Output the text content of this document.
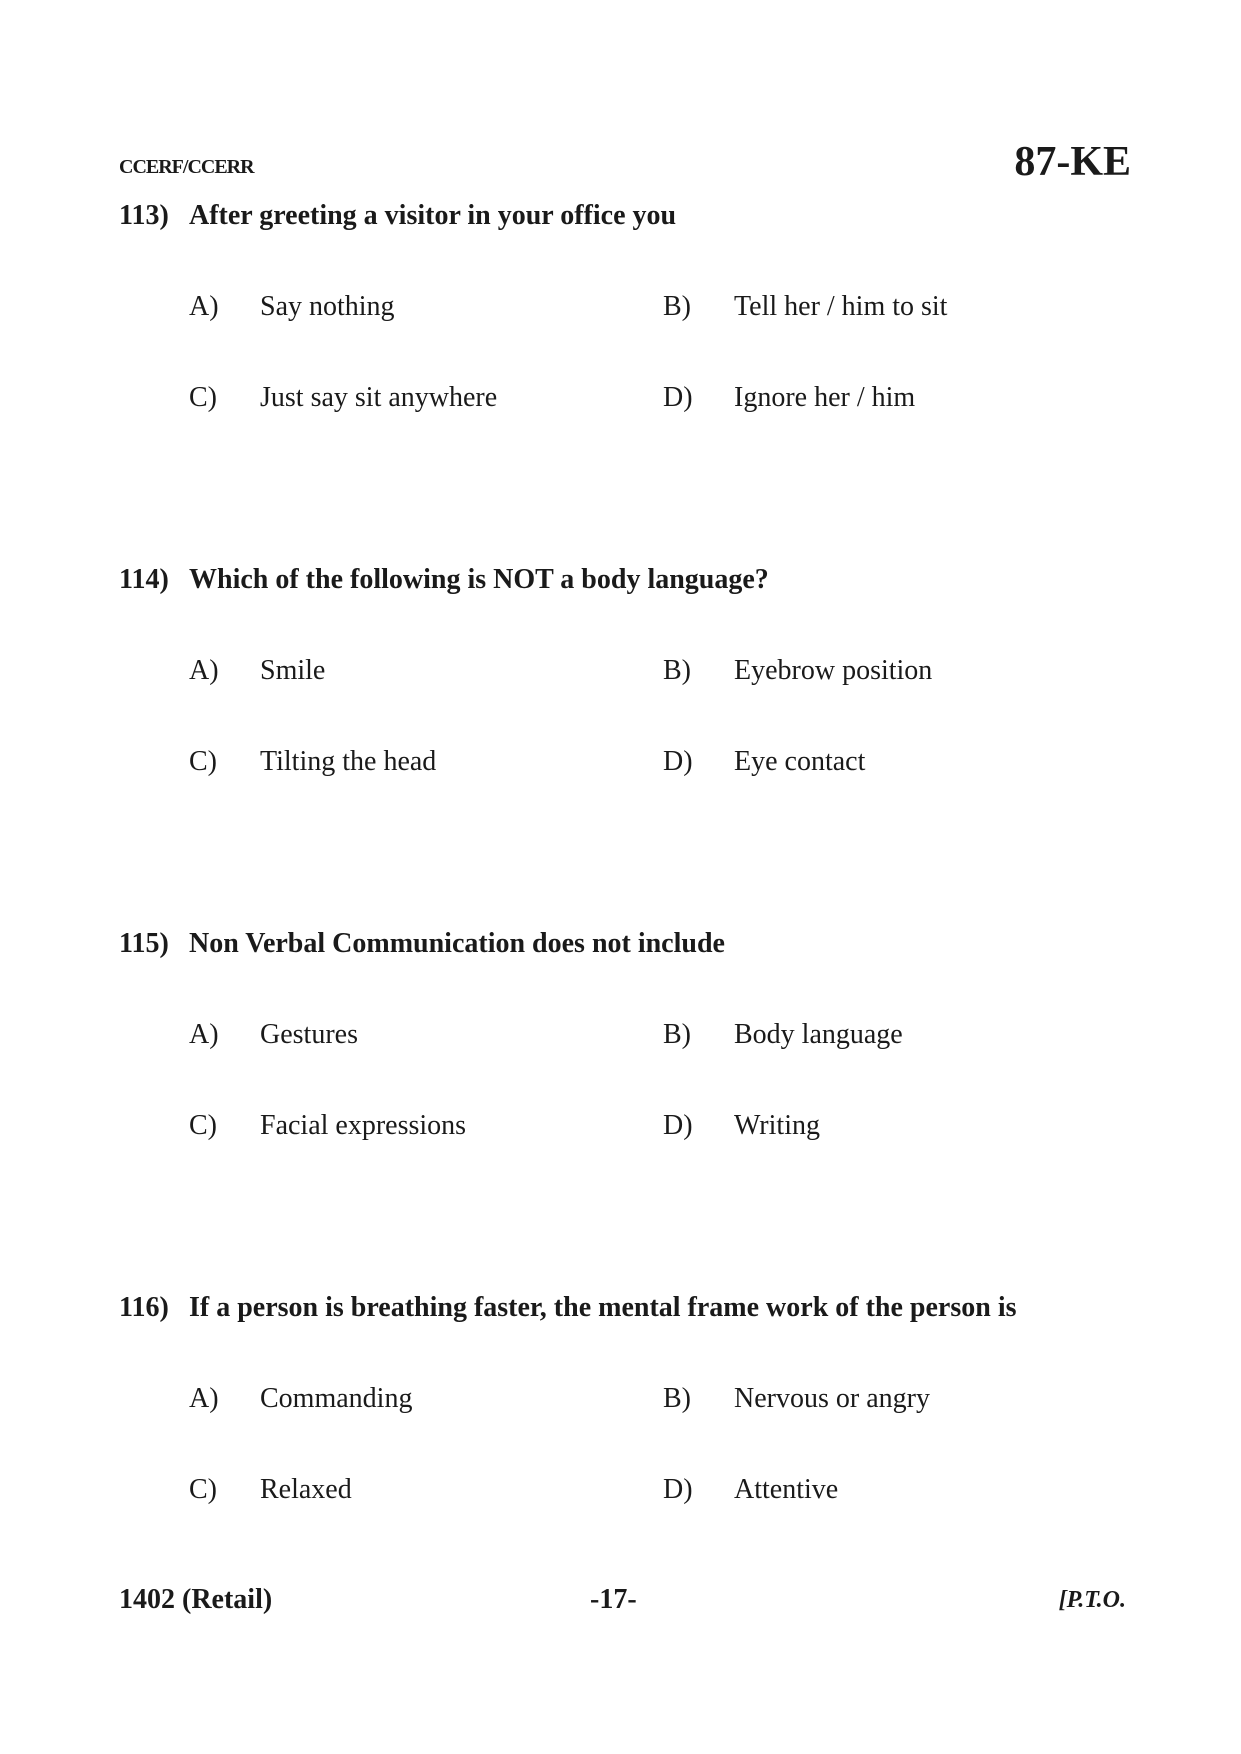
CCERF/CCERR	87-KE
113) After greeting a visitor in your office you
A) Say nothing	B) Tell her / him to sit
C) Just say sit anywhere	D) Ignore her / him
114) Which of the following is NOT a body language?
A) Smile	B) Eyebrow position
C) Tilting the head	D) Eye contact
115) Non Verbal Communication does not include
A) Gestures	B) Body language
C) Facial expressions	D) Writing
116) If a person is breathing faster, the mental frame work of the person is
A) Commanding	B) Nervous or angry
C) Relaxed	D) Attentive
1402 (Retail)	-17-	[P.T.O.
